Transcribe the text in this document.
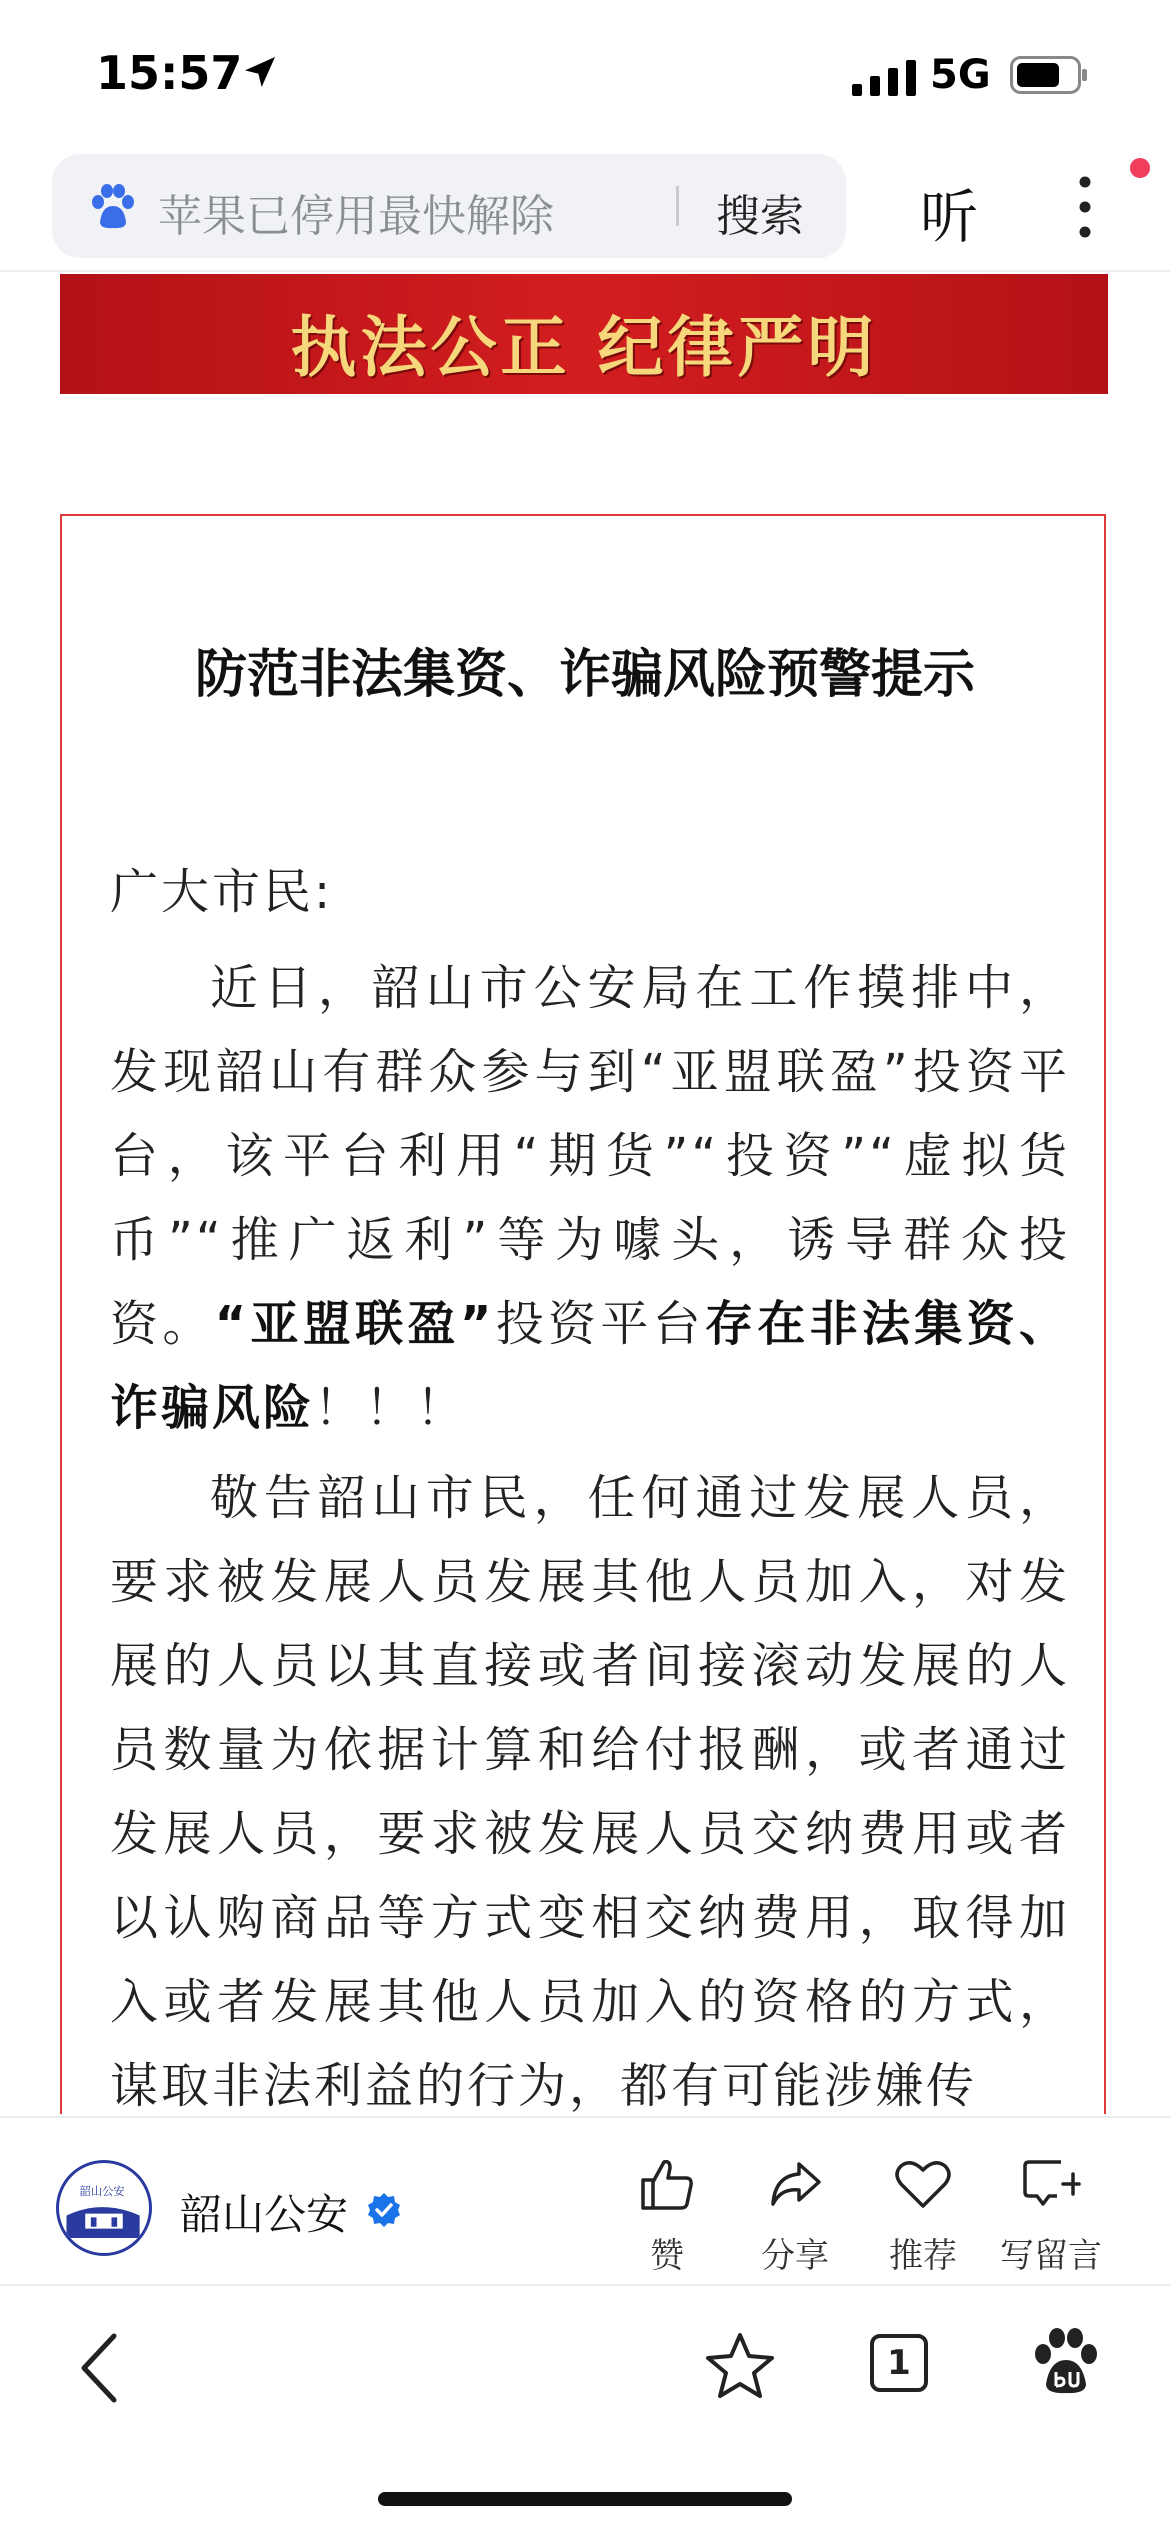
15:57	5G
苹果已停用最快解除	搜索 听
执法公正 纪律严明
防范非法集资、诈骗风险预警提示
广大市民:
近日，韶山市公安局在工作摸排中，发现韶山有群众参与到“亚盟联盈”投资平台，该平台利用“期货”“投资”“虚拟货币”“推广返利”等为噱头，诱导群众投资。“亚盟联盈”投资平台存在非法集资、诈骗风险！！！
敬告韶山市民，任何通过发展人员，要求被发展人员发展其他人员加入，对发展的人员以其直接或者间接滚动发展的人员数量为依据计算和给付报酬，或者通过发展人员，要求被发展人员交纳费用或者以认购商品等方式变相交纳费用，取得加入或者发展其他人员加入的资格的方式，谋取非法利益的行为，都有可能涉嫌传
韶山公安 韶山公安
赞	分享	推荐	写留言
1
